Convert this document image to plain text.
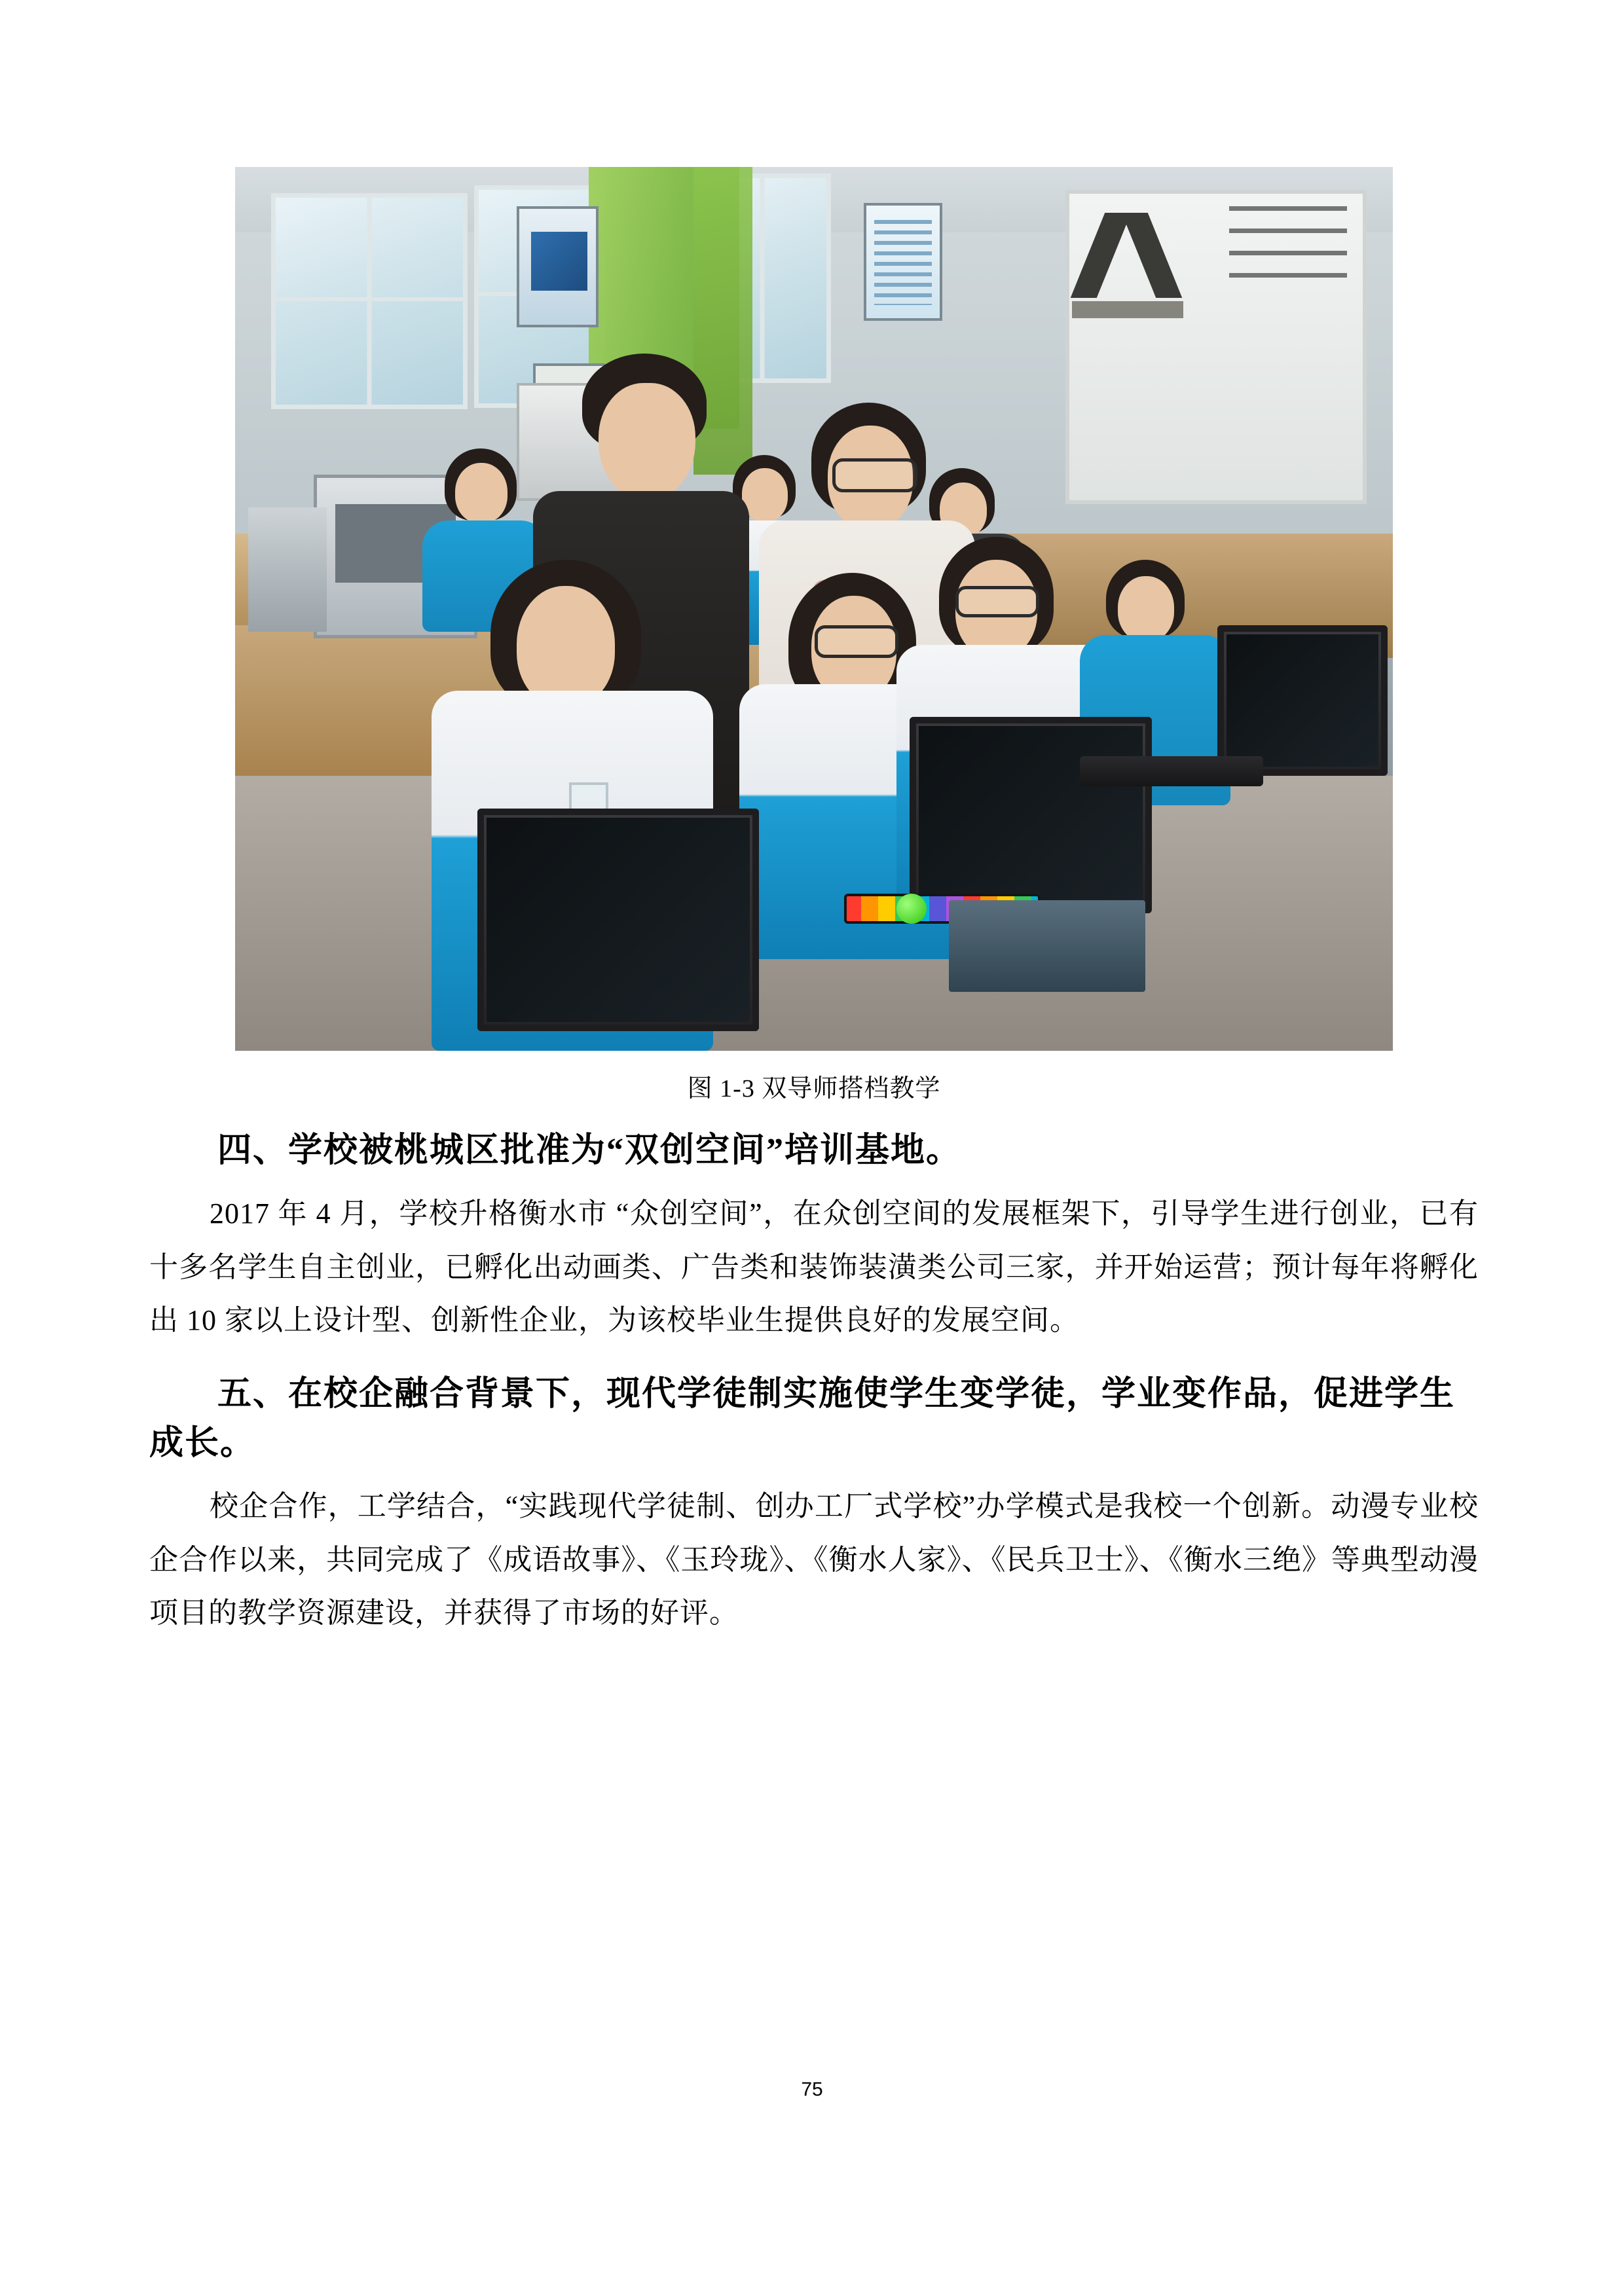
图 1-3 双导师搭档教学
四、学校被桃城区批准为“双创空间”培训基地。

2017 年 4 月，学校升格衡水市 “众创空间”，在众创空间的发展框架下，引导学生进行创业，已有十多名学生自主创业，已孵化出动画类、广告类和装饰装潢类公司三家，并开始运营；预计每年将孵化出 10 家以上设计型、创新性企业，为该校毕业生提供良好的发展空间。

五、在校企融合背景下，现代学徒制实施使学生变学徒，学业变作品，促进学生成长。

校企合作，工学结合，“实践现代学徒制、创办工厂式学校”办学模式是我校一个创新。动漫专业校企合作以来，共同完成了《成语故事》、《玉玲珑》、《衡水人家》、《民兵卫士》、《衡水三绝》等典型动漫项目的教学资源建设，并获得了市场的好评。

75
